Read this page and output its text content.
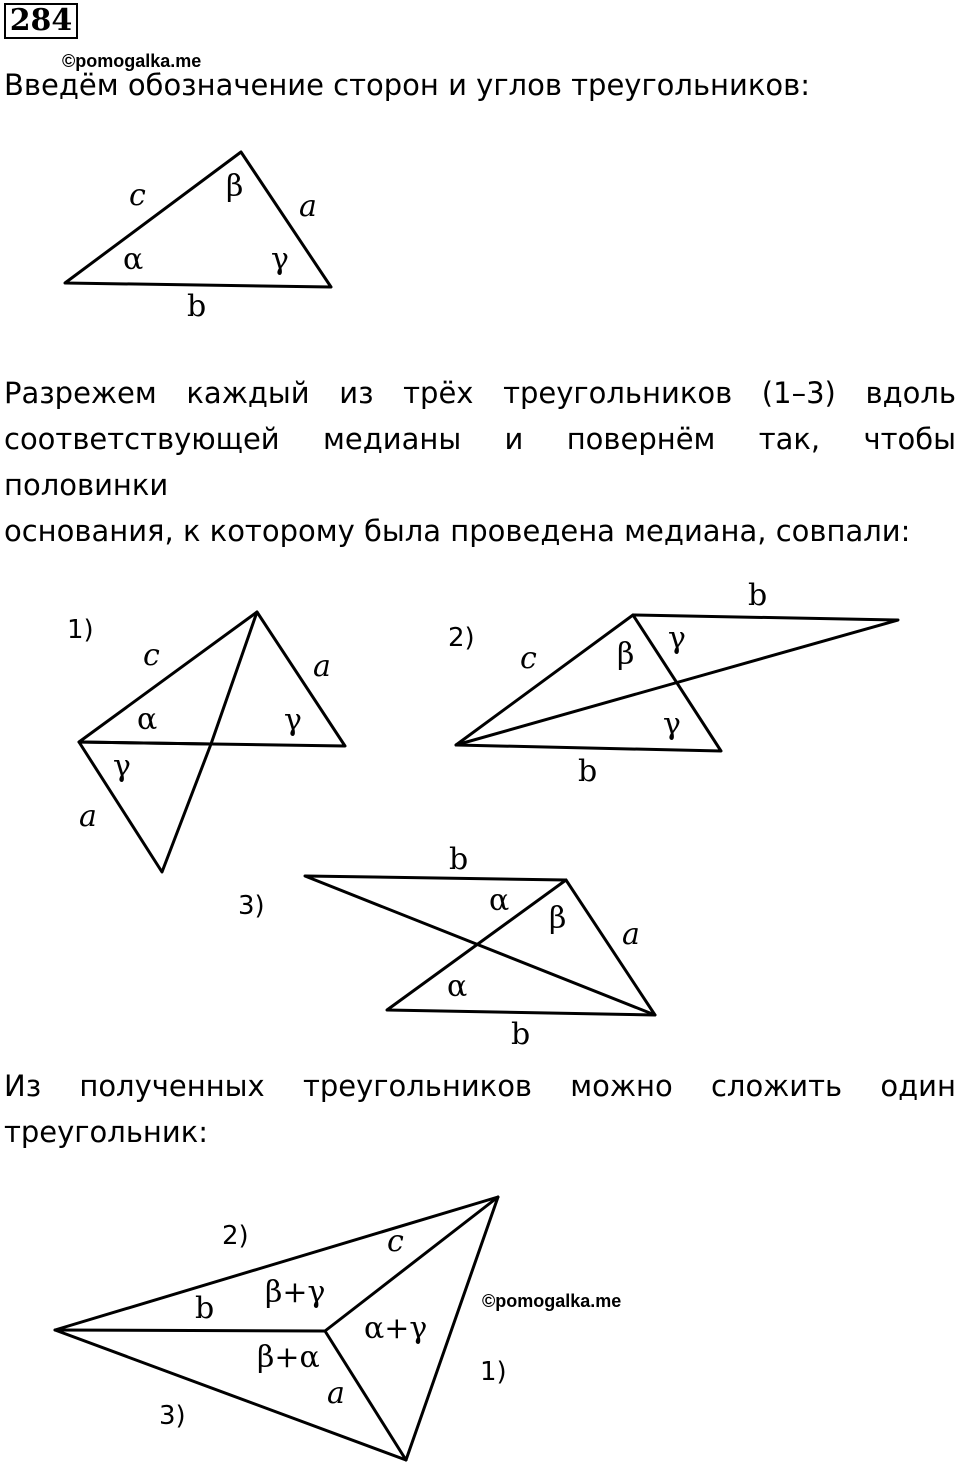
284
©pomogalka.me
Введём обозначение сторон и углов треугольников:
Разрежем каждый из трёх треугольников (1–3) вдоль
соответствующей медианы и повернём так, чтобы половинки
основания, к которому была проведена медиана, совпали:
Из полученных треугольников можно сложить один
треугольник:
c	β
a
α	γ
b
1)
c	a
α	γ
γ
a
2)
b
c	β γ
γ
b
b
3)	α
β a
α
b
2)	c
β+γ
b
α+γ
β+α
a
1)
3)
©pomogalka.me
